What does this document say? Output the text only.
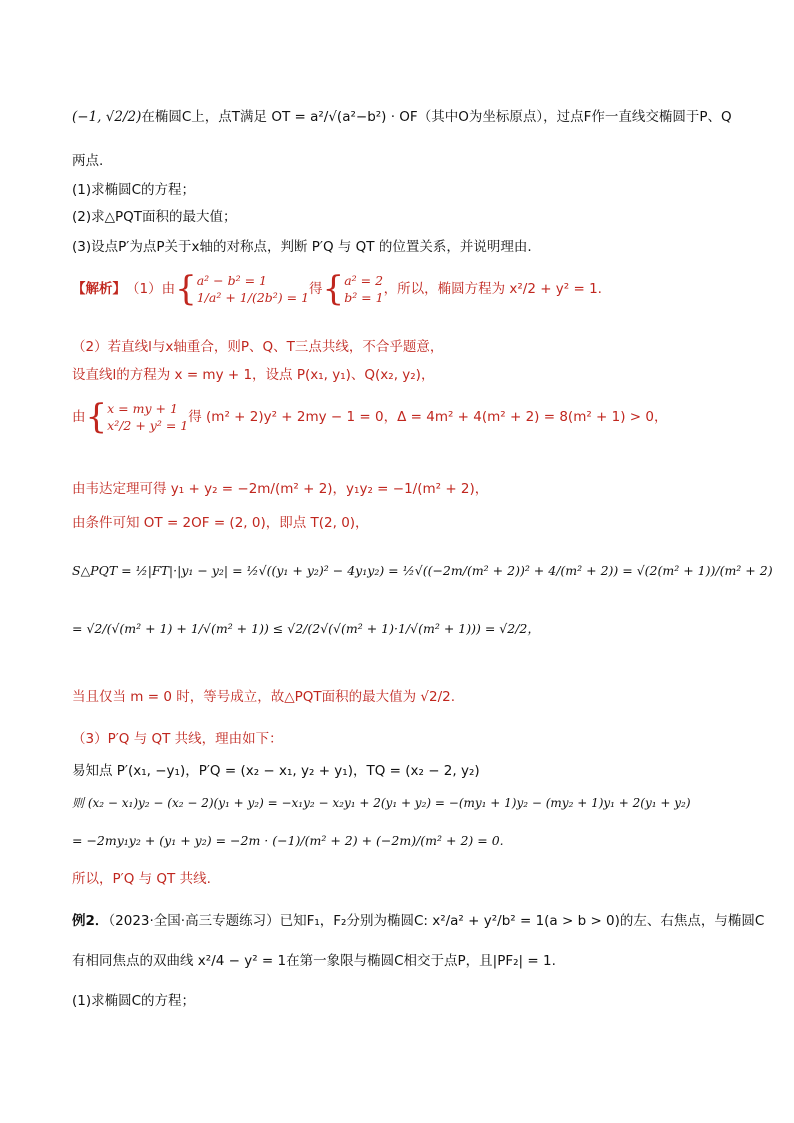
(−1, √2/2)在椭圆C上，点T满足 OT = a²/√(a²−b²) · OF（其中O为坐标原点），过点F作一直线交椭圆于P、Q
两点.
(1)求椭圆C的方程；
(2)求△PQT面积的最大值；
(3)设点P′为点P关于x轴的对称点，判断 P′Q 与 QT 的位置关系，并说明理由.
【解析】 （1）由 { a² − b² = 1
1/a² + 1/(2b²) = 1
得 { a² = 2
b² = 1
，所以，椭圆方程为 x²/2 + y² = 1.
（2）若直线l与x轴重合，则P、Q、T三点共线，不合乎题意，
设直线l的方程为 x = my + 1，设点 P(x₁, y₁)、Q(x₂, y₂)，
由 { x = my + 1
x²/2 + y² = 1
得 (m² + 2)y² + 2my − 1 = 0，Δ = 4m² + 4(m² + 2) = 8(m² + 1) > 0，
由韦达定理可得 y₁ + y₂ = −2m/(m² + 2)，y₁y₂ = −1/(m² + 2)，
由条件可知 OT = 2OF = (2, 0)，即点 T(2, 0)，
S△PQT = ½|FT|·|y₁ − y₂| = ½√((y₁ + y₂)² − 4y₁y₂) = ½√((−2m/(m² + 2))² + 4/(m² + 2)) = √(2(m² + 1))/(m² + 2)
= √2/(√(m² + 1) + 1/√(m² + 1)) ≤ √2/(2√(√(m² + 1)·1/√(m² + 1))) = √2/2，
当且仅当 m = 0 时，等号成立，故△PQT面积的最大值为 √2/2.
（3）P′Q 与 QT 共线，理由如下：
易知点 P′(x₁, −y₁)，P′Q = (x₂ − x₁, y₂ + y₁)，TQ = (x₂ − 2, y₂)
则 (x₂ − x₁)y₂ − (x₂ − 2)(y₁ + y₂) = −x₁y₂ − x₂y₁ + 2(y₁ + y₂) = −(my₁ + 1)y₂ − (my₂ + 1)y₁ + 2(y₁ + y₂)
= −2my₁y₂ + (y₁ + y₂) = −2m · (−1)/(m² + 2) + (−2m)/(m² + 2) = 0.
所以，P′Q 与 QT 共线.
例2．（2023·全国·高三专题练习）已知F₁，F₂分别为椭圆C: x²/a² + y²/b² = 1(a > b > 0)的左、右焦点，与椭圆C
有相同焦点的双曲线 x²/4 − y² = 1在第一象限与椭圆C相交于点P，且|PF₂| = 1.
(1)求椭圆C的方程；
